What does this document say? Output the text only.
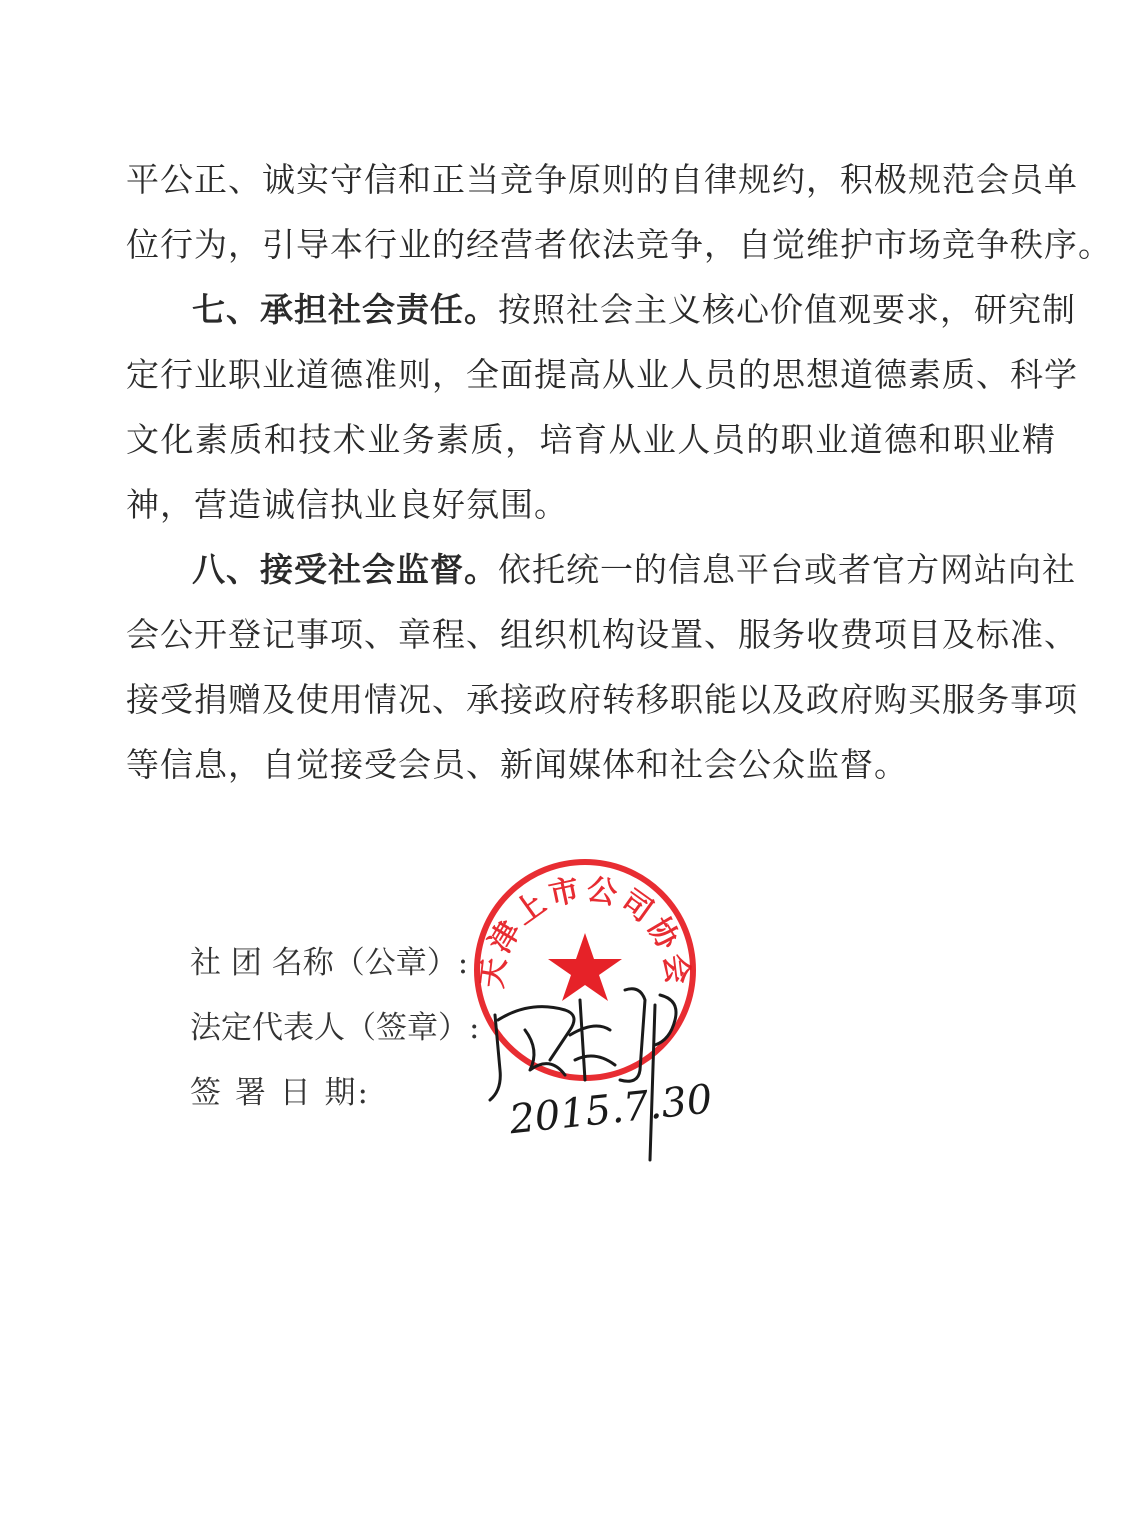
平公正、诚实守信和正当竞争原则的自律规约，积极规范会员单
位行为，引导本行业的经营者依法竞争，自觉维护市场竞争秩序。
七、承担社会责任。按照社会主义核心价值观要求，研究制
定行业职业道德准则，全面提高从业人员的思想道德素质、科学
文化素质和技术业务素质，培育从业人员的职业道德和职业精
神，营造诚信执业良好氛围。
八、接受社会监督。依托统一的信息平台或者官方网站向社
会公开登记事项、章程、组织机构设置、服务收费项目及标准、
接受捐赠及使用情况、承接政府转移职能以及政府购买服务事项
等信息，自觉接受会员、新闻媒体和社会公众监督。
社 团 名称（公章）:
法定代表人（签章）:
签 署 日 期:
天津上市公司协会
2015.7.30
